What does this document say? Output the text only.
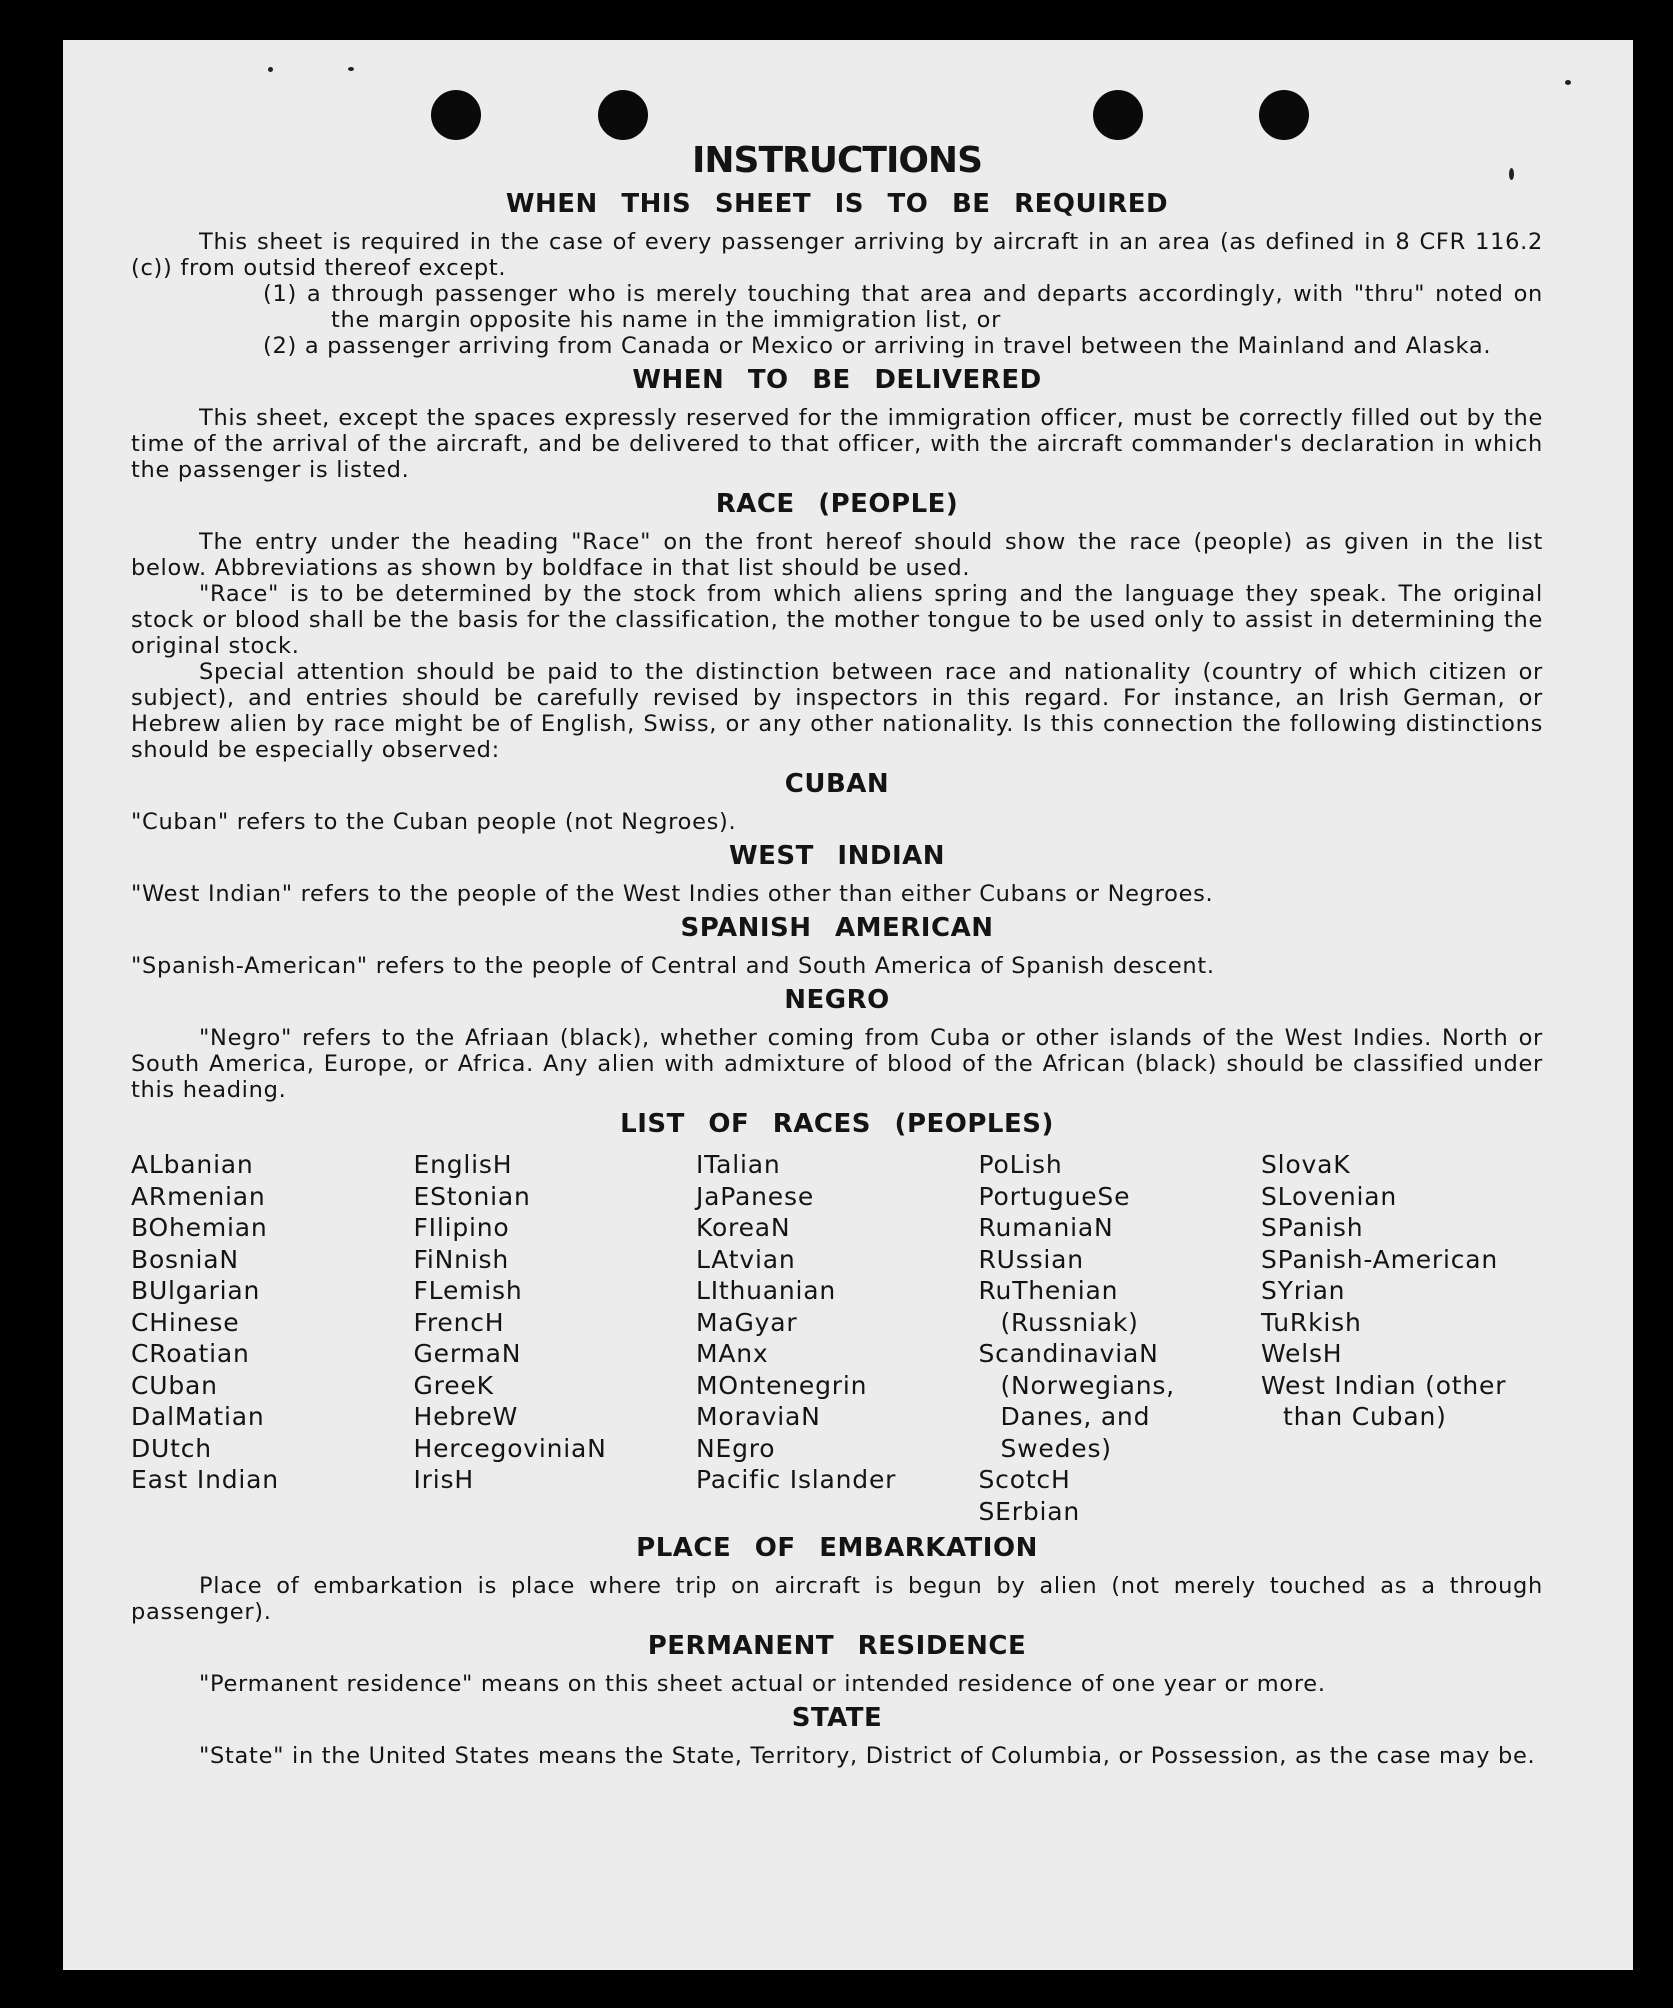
INSTRUCTIONS
WHEN THIS SHEET IS TO BE REQUIRED

This sheet is required in the case of every passenger arriving by aircraft in an area (as defined in 8 CFR 116.2 (c)) from outsid thereof except.

(1) a through passenger who is merely touching that area and departs accordingly, with "thru" noted on the margin opposite his name in the immigration list, or
(2) a passenger arriving from Canada or Mexico or arriving in travel between the Mainland and Alaska.
WHEN TO BE DELIVERED

This sheet, except the spaces expressly reserved for the immigration officer, must be correctly filled out by the time of the arrival of the aircraft, and be delivered to that officer, with the aircraft commander's declaration in which the passenger is listed.

RACE (PEOPLE)

The entry under the heading "Race" on the front hereof should show the race (people) as given in the list below. Abbreviations as shown by boldface in that list should be used.

"Race" is to be determined by the stock from which aliens spring and the language they speak. The original stock or blood shall be the basis for the classification, the mother tongue to be used only to assist in determining the original stock.

Special attention should be paid to the distinction between race and nationality (country of which citizen or subject), and entries should be carefully revised by inspectors in this regard. For instance, an Irish German, or Hebrew alien by race might be of English, Swiss, or any other nationality. Is this connection the following distinctions should be especially observed:

CUBAN

"Cuban" refers to the Cuban people (not Negroes).

WEST INDIAN

"West Indian" refers to the people of the West Indies other than either Cubans or Negroes.

SPANISH AMERICAN

"Spanish-American" refers to the people of Central and South America of Spanish descent.

NEGRO

"Negro" refers to the Afriaan (black), whether coming from Cuba or other islands of the West Indies. North or South America, Europe, or Africa. Any alien with admixture of blood of the African (black) should be classified under this heading.

LIST OF RACES (PEOPLES)
ALbanian
ARmenian
BOhemian
BosniaN
BUlgarian
CHinese
CRoatian
CUban
DalMatian
DUtch
East Indian
EnglisH
EStonian
FIlipino
FiNnish
FLemish
FrencH
GermaN
GreeK
HebreW
HercegoviniaN
IrisH
ITalian
JaPanese
KoreaN
LAtvian
LIthuanian
MaGyar
MAnx
MOntenegrin
MoraviaN
NEgro
Pacific Islander
PoLish
PortugueSe
RumaniaN
RUssian
RuThenian (Russniak)
ScandinaviaN (Norwegians, Danes, and Swedes)
ScotcH
SErbian
SlovaK
SLovenian
SPanish
SPanish-American
SYrian
TuRkish
WelsH
West Indian (other than Cuban)
PLACE OF EMBARKATION

Place of embarkation is place where trip on aircraft is begun by alien (not merely touched as a through passenger).

PERMANENT RESIDENCE

"Permanent residence" means on this sheet actual or intended residence of one year or more.

STATE

"State" in the United States means the State, Territory, District of Columbia, or Possession, as the case may be.
